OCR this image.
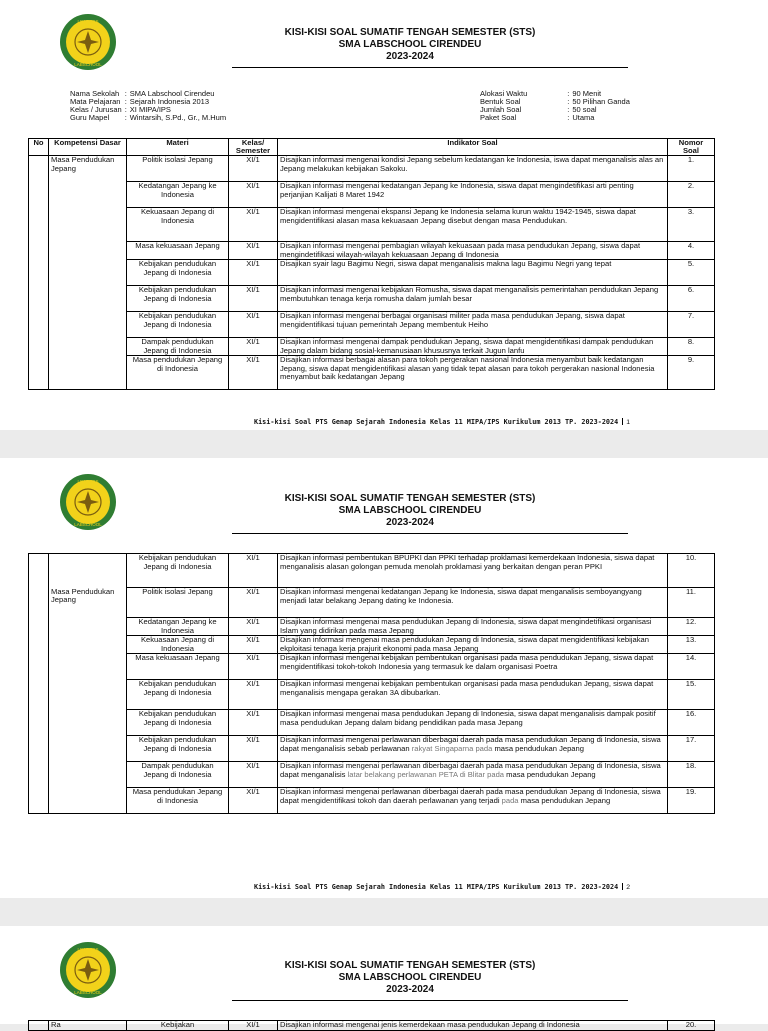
LEADERS
LABSCHOOL
KISI-KISI SOAL SUMATIF TENGAH SEMESTER (STS)
SMA LABSCHOOL CIRENDEU
2023-2024
Nama Sekolah	:	SMA Labschool Cirendeu
Mata Pelajaran	:	Sejarah Indonesia 2013
Kelas / Jurusan	:	XI MIPA/IPS
Guru Mapel	:	Wintarsih, S.Pd., Gr., M.Hum
Alokasi Waktu	:	90 Menit
Bentuk Soal	:	50 Pilihan Ganda
Jumlah Soal	:	50 soal
Paket Soal	:	Utama
No	Kompetensi Dasar	Materi	Kelas/ Semester	Indikator Soal	Nomor Soal
	Masa Pendudukan Jepang	Politik isolasi Jepang	XI/1	Disajikan informasi mengenai kondisi Jepang sebelum kedatangan ke Indonesia, iswa dapat menganalisis alas an Jepang melakukan kebijakan Sakoku.	1.
		Kedatangan Jepang ke Indonesia	XI/1	Disajikan informasi mengenai kedatangan Jepang ke Indonesia, siswa dapat mengindetifikasi arti penting perjanjian Kalijati 8 Maret 1942	2.
		Kekuasaan Jepang di Indonesia	XI/1	Disajikan informasi mengenai ekspansi Jepang ke Indonesia selama kurun waktu 1942-1945, siswa dapat mengidentifikasi alasan masa kekuasaan Jepang disebut dengan masa Pendudukan.	3.
		Masa kekuasaan Jepang	XI/1	Disajikan informasi mengenai pembagian wilayah kekuasaan pada masa pendudukan Jepang, siswa dapat mengindetifikasi wilayah-wilayah kekuasaan Jepang di Indonesia	4.
		Kebijakan pendudukan Jepang di Indonesia	XI/1	Disajikan syair lagu Bagimu Negri, siswa dapat menganalisis makna lagu Bagimu Negri yang tepat	5.
		Kebijakan pendudukan Jepang di Indonesia	XI/1	Disajikan informasi mengenai kebijakan Romusha, siswa dapat menganalisis pemerintahan pendudukan Jepang membutuhkan tenaga kerja romusha dalam jumlah besar	6.
		Kebijakan pendudukan Jepang di Indonesia	XI/1	Disajikan informasi mengenai berbagai organisasi militer pada masa pendudukan Jepang, siswa dapat mengidentifikasi tujuan pemerintah Jepang membentuk Heiho	7.
		Dampak pendudukan Jepang di Indonesia	XI/1	Disajikan informasi mengenai dampak pendudukan Jepang, siswa dapat mengidentifikasi dampak pendudukan Jepang dalam bidang sosial-kemanusiaan khususnya terkait Jugun lanfu	8.
		Masa pendudukan Jepang di Indonesia	XI/1	Disajikan informasi berbagai alasan para tokoh pergerakan nasional Indonesia menyambut baik kedatangan Jepang, siswa dapat mengidentifikasi alasan yang tidak tepat alasan para tokoh pergerakan nasional Indonesia menyambut baik kedatangan Jepang	9.
Kisi-kisi Soal PTS Genap Sejarah Indonesia Kelas 11 MIPA/IPS Kurikulum 2013 TP. 2023-2024 1
LEADERS
LABSCHOOL
KISI-KISI SOAL SUMATIF TENGAH SEMESTER (STS)
SMA LABSCHOOL CIRENDEU
2023-2024
		Kebijakan pendudukan Jepang di Indonesia	XI/1	Disajikan informasi pembentukan BPUPKI dan PPKI terhadap proklamasi kemerdekaan Indonesia, siswa dapat menganalisis alasan golongan pemuda menolah proklamasi yang berkaitan dengan peran PPKI	10.
	Masa Pendudukan Jepang	Politik isolasi Jepang	XI/1	Disajikan informasi mengenai kedatangan Jepang ke Indonesia, siswa dapat menganalisis semboyangyang menjadi latar belakang Jepang dating ke Indonesia.	11.
		Kedatangan Jepang ke Indonesia	XI/1	Disajikan informasi mengenai masa pendudukan Jepang di Indonesia, siswa dapat mengindetifikasi organisasi Islam yang didirikan pada masa Jepang	12.
		Kekuasaan Jepang di Indonesia	XI/1	Disajikan informasi mengenai masa pendudukan Jepang di Indonesia, siswa dapat mengidentifikasi kebijakan ekploitasi tenaga kerja prajurit ekonomi pada masa Jepang	13.
		Masa kekuasaan Jepang	XI/1	Disajikan informasi mengenai kebijakan pembentukan organisasi pada masa pendudukan Jepang, siswa dapat mengidentifikasi tokoh-tokoh Indonesia yang termasuk ke dalam organisasi Poetra	14.
		Kebijakan pendudukan Jepang di Indonesia	XI/1	Disajikan informasi mengenai kebijakan pembentukan organisasi pada masa pendudukan Jepang, siswa dapat menganalisis mengapa gerakan 3A dibubarkan.	15.
		Kebijakan pendudukan Jepang di Indonesia	XI/1	Disajikan informasi mengenai masa pendudukan Jepang di Indonesia, siswa dapat menganalisis dampak positif masa pendudukan Jepang dalam bidang pendidikan pada masa Jepang	16.
		Kebijakan pendudukan Jepang di Indonesia	XI/1	Disajikan informasi mengenai perlawanan diberbagai daerah pada masa pendudukan Jepang di Indonesia, siswa dapat menganalisis sebab perlawanan rakyat Singaparna pada masa pendudukan Jepang	17.
		Dampak pendudukan Jepang di Indonesia	XI/1	Disajikan informasi mengenai perlawanan diberbagai daerah pada masa pendudukan Jepang di Indonesia, siswa dapat menganalisis latar belakang perlawanan PETA di Blitar pada masa pendudukan Jepang	18.
		Masa pendudukan Jepang di Indonesia	XI/1	Disajikan informasi mengenai perlawanan diberbagai daerah pada masa pendudukan Jepang di Indonesia, siswa dapat mengidentifikasi tokoh dan daerah perlawanan yang terjadi pada masa pendudukan Jepang	19.
Kisi-kisi Soal PTS Genap Sejarah Indonesia Kelas 11 MIPA/IPS Kurikulum 2013 TP. 2023-2024 2
LEADERS
LABSCHOOL
KISI-KISI SOAL SUMATIF TENGAH SEMESTER (STS)
SMA LABSCHOOL CIRENDEU
2023-2024
	Ra	Kebijakan	XI/1	Disajikan informasi mengenai jenis kemerdekaan masa pendudukan Jepang di Indonesia	20.
